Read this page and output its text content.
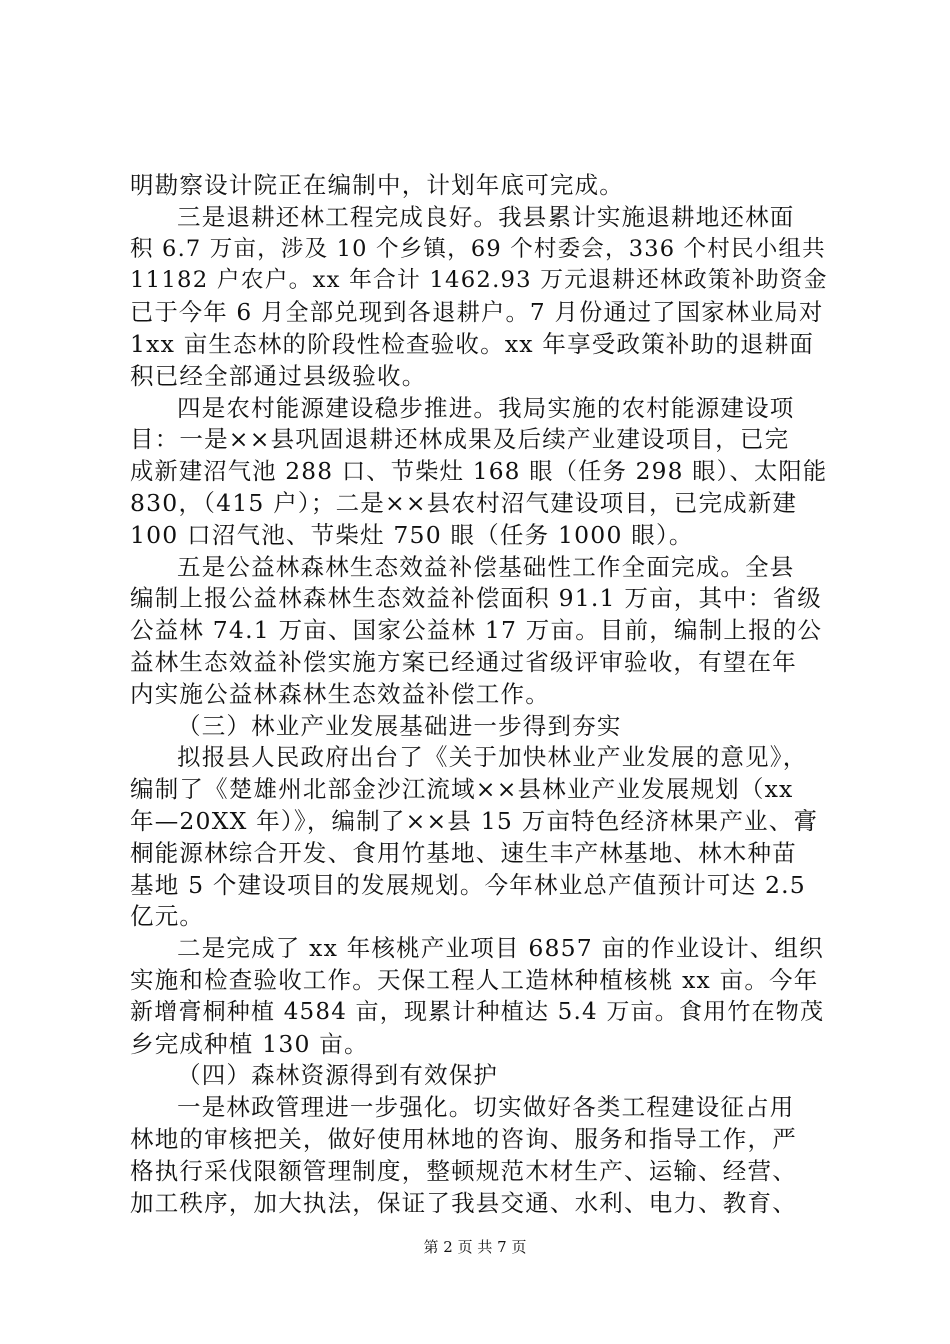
明勘察设计院正在编制中，计划年底可完成。
三是退耕还林工程完成良好。我县累计实施退耕地还林面
积 6.7 万亩，涉及 10 个乡镇，69 个村委会，336 个村民小组共
11182 户农户。xx 年合计 1462.93 万元退耕还林政策补助资金
已于今年 6 月全部兑现到各退耕户。7 月份通过了国家林业局对
1xx 亩生态林的阶段性检查验收。xx 年享受政策补助的退耕面
积已经全部通过县级验收。
四是农村能源建设稳步推进。我局实施的农村能源建设项
目：一是××县巩固退耕还林成果及后续产业建设项目，已完
成新建沼气池 288 口、节柴灶 168 眼（任务 298 眼）、太阳能
830，（415 户）；二是××县农村沼气建设项目，已完成新建
100 口沼气池、节柴灶 750 眼（任务 1000 眼）。
五是公益林森林生态效益补偿基础性工作全面完成。全县
编制上报公益林森林生态效益补偿面积 91.1 万亩，其中：省级
公益林 74.1 万亩、国家公益林 17 万亩。目前，编制上报的公
益林生态效益补偿实施方案已经通过省级评审验收，有望在年
内实施公益林森林生态效益补偿工作。
（三）林业产业发展基础进一步得到夯实
拟报县人民政府出台了《关于加快林业产业发展的意见》，
编制了《楚雄州北部金沙江流域××县林业产业发展规划（xx
年—20XX 年）》，编制了××县 15 万亩特色经济林果产业、膏
桐能源林综合开发、食用竹基地、速生丰产林基地、林木种苗
基地 5 个建设项目的发展规划。今年林业总产值预计可达 2.5
亿元。
二是完成了 xx 年核桃产业项目 6857 亩的作业设计、组织
实施和检查验收工作。天保工程人工造林种植核桃 xx 亩。今年
新增膏桐种植 4584 亩，现累计种植达 5.4 万亩。食用竹在物茂
乡完成种植 130 亩。
（四）森林资源得到有效保护
一是林政管理进一步强化。切实做好各类工程建设征占用
林地的审核把关，做好使用林地的咨询、服务和指导工作，严
格执行采伐限额管理制度，整顿规范木材生产、运输、经营、
加工秩序，加大执法，保证了我县交通、水利、电力、教育、
第 2 页 共 7 页
